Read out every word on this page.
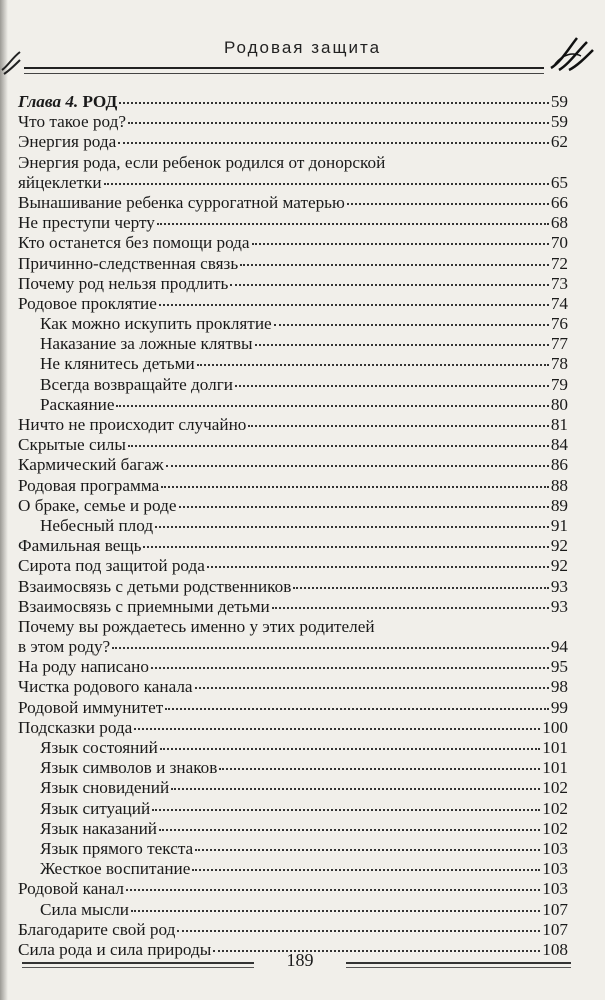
Родовая защита
Глава 4. РОД	59
Что такое род?	59
Энергия рода	62
Энергия рода, если ребенок родился от донорской
яйцеклетки	65
Вынашивание ребенка суррогатной матерью	66
Не преступи черту	68
Кто останется без помощи рода	70
Причинно-следственная связь	72
Почему род нельзя продлить	73
Родовое проклятие	74
Как можно искупить проклятие	76
Наказание за ложные клятвы	77
Не клянитесь детьми	78
Всегда возвращайте долги	79
Раскаяние	80
Ничто не происходит случайно	81
Скрытые силы	84
Кармический багаж	86
Родовая программа	88
О браке, семье и роде	89
Небесный плод	91
Фамильная вещь	92
Сирота под защитой рода	92
Взаимосвязь с детьми родственников	93
Взаимосвязь с приемными детьми	93
Почему вы рождаетесь именно у этих родителей
в этом роду?	94
На роду написано	95
Чистка родового канала	98
Родовой иммунитет	99
Подсказки рода	100
Язык состояний	101
Язык символов и знаков	101
Язык сновидений	102
Язык ситуаций	102
Язык наказаний	102
Язык прямого текста	103
Жесткое воспитание	103
Родовой канал	103
Сила мысли	107
Благодарите свой род	107
Сила рода и сила природы	108
189
